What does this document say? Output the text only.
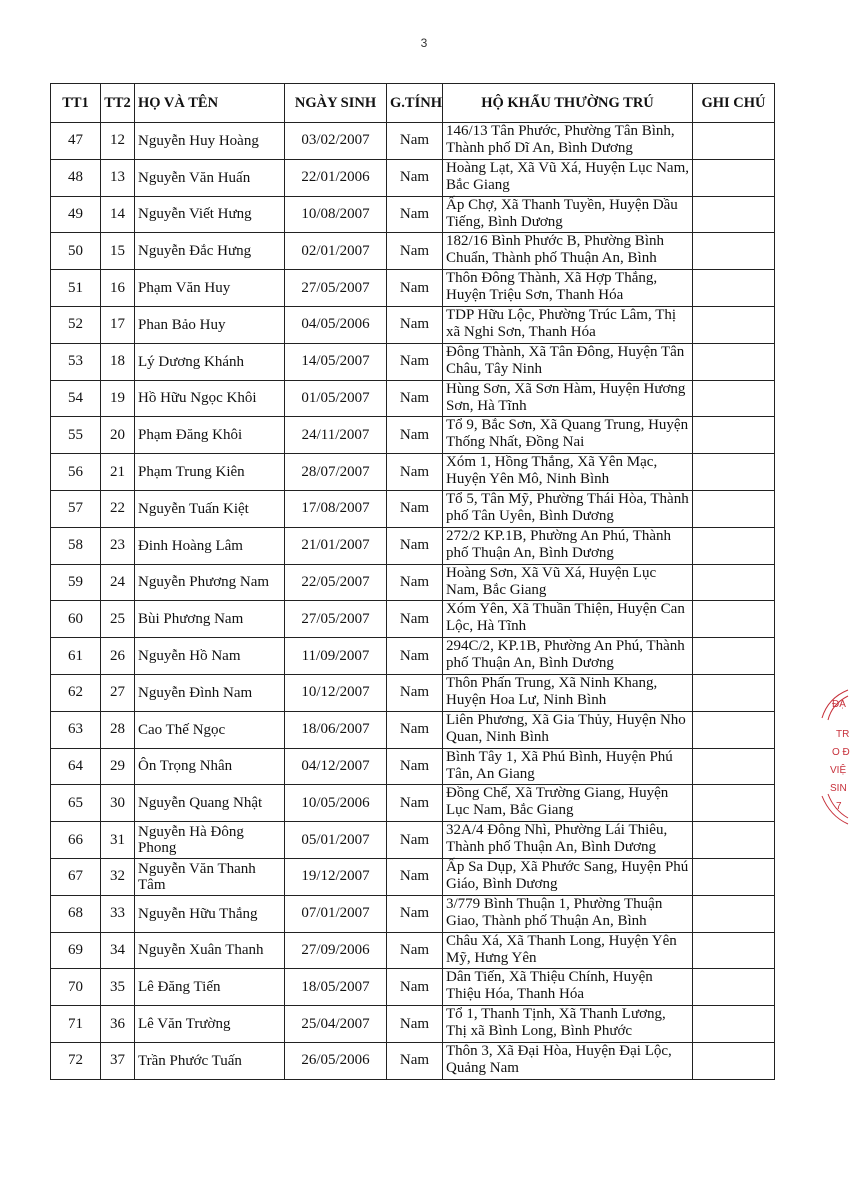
3
TT1	TT2	HỌ VÀ TÊN	NGÀY SINH	G.TÍNH	HỘ KHẨU THƯỜNG TRÚ	GHI CHÚ
47	12	Nguyễn Huy Hoàng	03/02/2007	Nam	146/13 Tân Phước, Phường Tân Bình, Thành phố Dĩ An, Bình Dương	
48	13	Nguyễn Văn Huấn	22/01/2006	Nam	Hoàng Lạt, Xã Vũ Xá, Huyện Lục Nam, Bắc Giang	
49	14	Nguyễn Viết Hưng	10/08/2007	Nam	Ấp Chợ, Xã Thanh Tuyền, Huyện Dầu Tiếng, Bình Dương	
50	15	Nguyễn Đắc Hưng	02/01/2007	Nam	182/16 Bình Phước B, Phường Bình Chuẩn, Thành phố Thuận An, Bình	
51	16	Phạm Văn Huy	27/05/2007	Nam	Thôn Đông Thành, Xã Hợp Thắng, Huyện Triệu Sơn, Thanh Hóa	
52	17	Phan Bảo Huy	04/05/2006	Nam	TDP Hữu Lộc, Phường Trúc Lâm, Thị xã Nghi Sơn, Thanh Hóa	
53	18	Lý Dương Khánh	14/05/2007	Nam	Đông Thành, Xã Tân Đông, Huyện Tân Châu, Tây Ninh	
54	19	Hồ Hữu Ngọc Khôi	01/05/2007	Nam	Hùng Sơn, Xã Sơn Hàm, Huyện Hương Sơn, Hà Tĩnh	
55	20	Phạm Đăng Khôi	24/11/2007	Nam	Tổ 9, Bắc Sơn, Xã Quang Trung, Huyện Thống Nhất, Đồng Nai	
56	21	Phạm Trung Kiên	28/07/2007	Nam	Xóm 1, Hồng Thắng, Xã Yên Mạc, Huyện Yên Mô, Ninh Bình	
57	22	Nguyễn Tuấn Kiệt	17/08/2007	Nam	Tổ 5, Tân Mỹ, Phường Thái Hòa, Thành phố Tân Uyên, Bình Dương	
58	23	Đinh Hoàng Lâm	21/01/2007	Nam	272/2 KP.1B, Phường An Phú, Thành phố Thuận An, Bình Dương	
59	24	Nguyễn Phương Nam	22/05/2007	Nam	Hoàng Sơn, Xã Vũ Xá, Huyện Lục Nam, Bắc Giang	
60	25	Bùi Phương Nam	27/05/2007	Nam	Xóm Yên, Xã Thuần Thiện, Huyện Can Lộc, Hà Tĩnh	
61	26	Nguyễn Hồ Nam	11/09/2007	Nam	294C/2, KP.1B, Phường An Phú, Thành phố Thuận An, Bình Dương	
62	27	Nguyễn Đình Nam	10/12/2007	Nam	Thôn Phấn Trung, Xã Ninh Khang, Huyện Hoa Lư, Ninh Bình	
63	28	Cao Thế Ngọc	18/06/2007	Nam	Liên Phương, Xã Gia Thủy, Huyện Nho Quan, Ninh Bình	
64	29	Ôn Trọng Nhân	04/12/2007	Nam	Bình Tây 1, Xã Phú Bình, Huyện Phú Tân, An Giang	
65	30	Nguyễn Quang Nhật	10/05/2006	Nam	Đồng Chể, Xã Trường Giang, Huyện Lục Nam, Bắc Giang	
66	31	Nguyễn Hà Đông Phong	05/01/2007	Nam	32A/4 Đông Nhì, Phường Lái Thiêu, Thành phố Thuận An, Bình Dương	
67	32	Nguyễn Văn Thanh Tâm	19/12/2007	Nam	Ấp Sa Dụp, Xã Phước Sang, Huyện Phú Giáo, Bình Dương	
68	33	Nguyễn Hữu Thắng	07/01/2007	Nam	3/779 Bình Thuận 1, Phường Thuận Giao, Thành phố Thuận An, Bình	
69	34	Nguyễn Xuân Thanh	27/09/2006	Nam	Châu Xá, Xã Thanh Long, Huyện Yên Mỹ, Hưng Yên	
70	35	Lê Đăng Tiến	18/05/2007	Nam	Dân Tiến, Xã Thiệu Chính, Huyện Thiệu Hóa, Thanh Hóa	
71	36	Lê Văn Trường	25/04/2007	Nam	Tổ 1, Thanh Tịnh, Xã Thanh Lương, Thị xã Bình Long, Bình Phước	
72	37	Trần Phước Tuấn	26/05/2006	Nam	Thôn 3, Xã Đại Hòa, Huyện Đại Lộc, Quảng Nam	
ĐẠ
TR
O Đ
VIỆ
SIN
7
